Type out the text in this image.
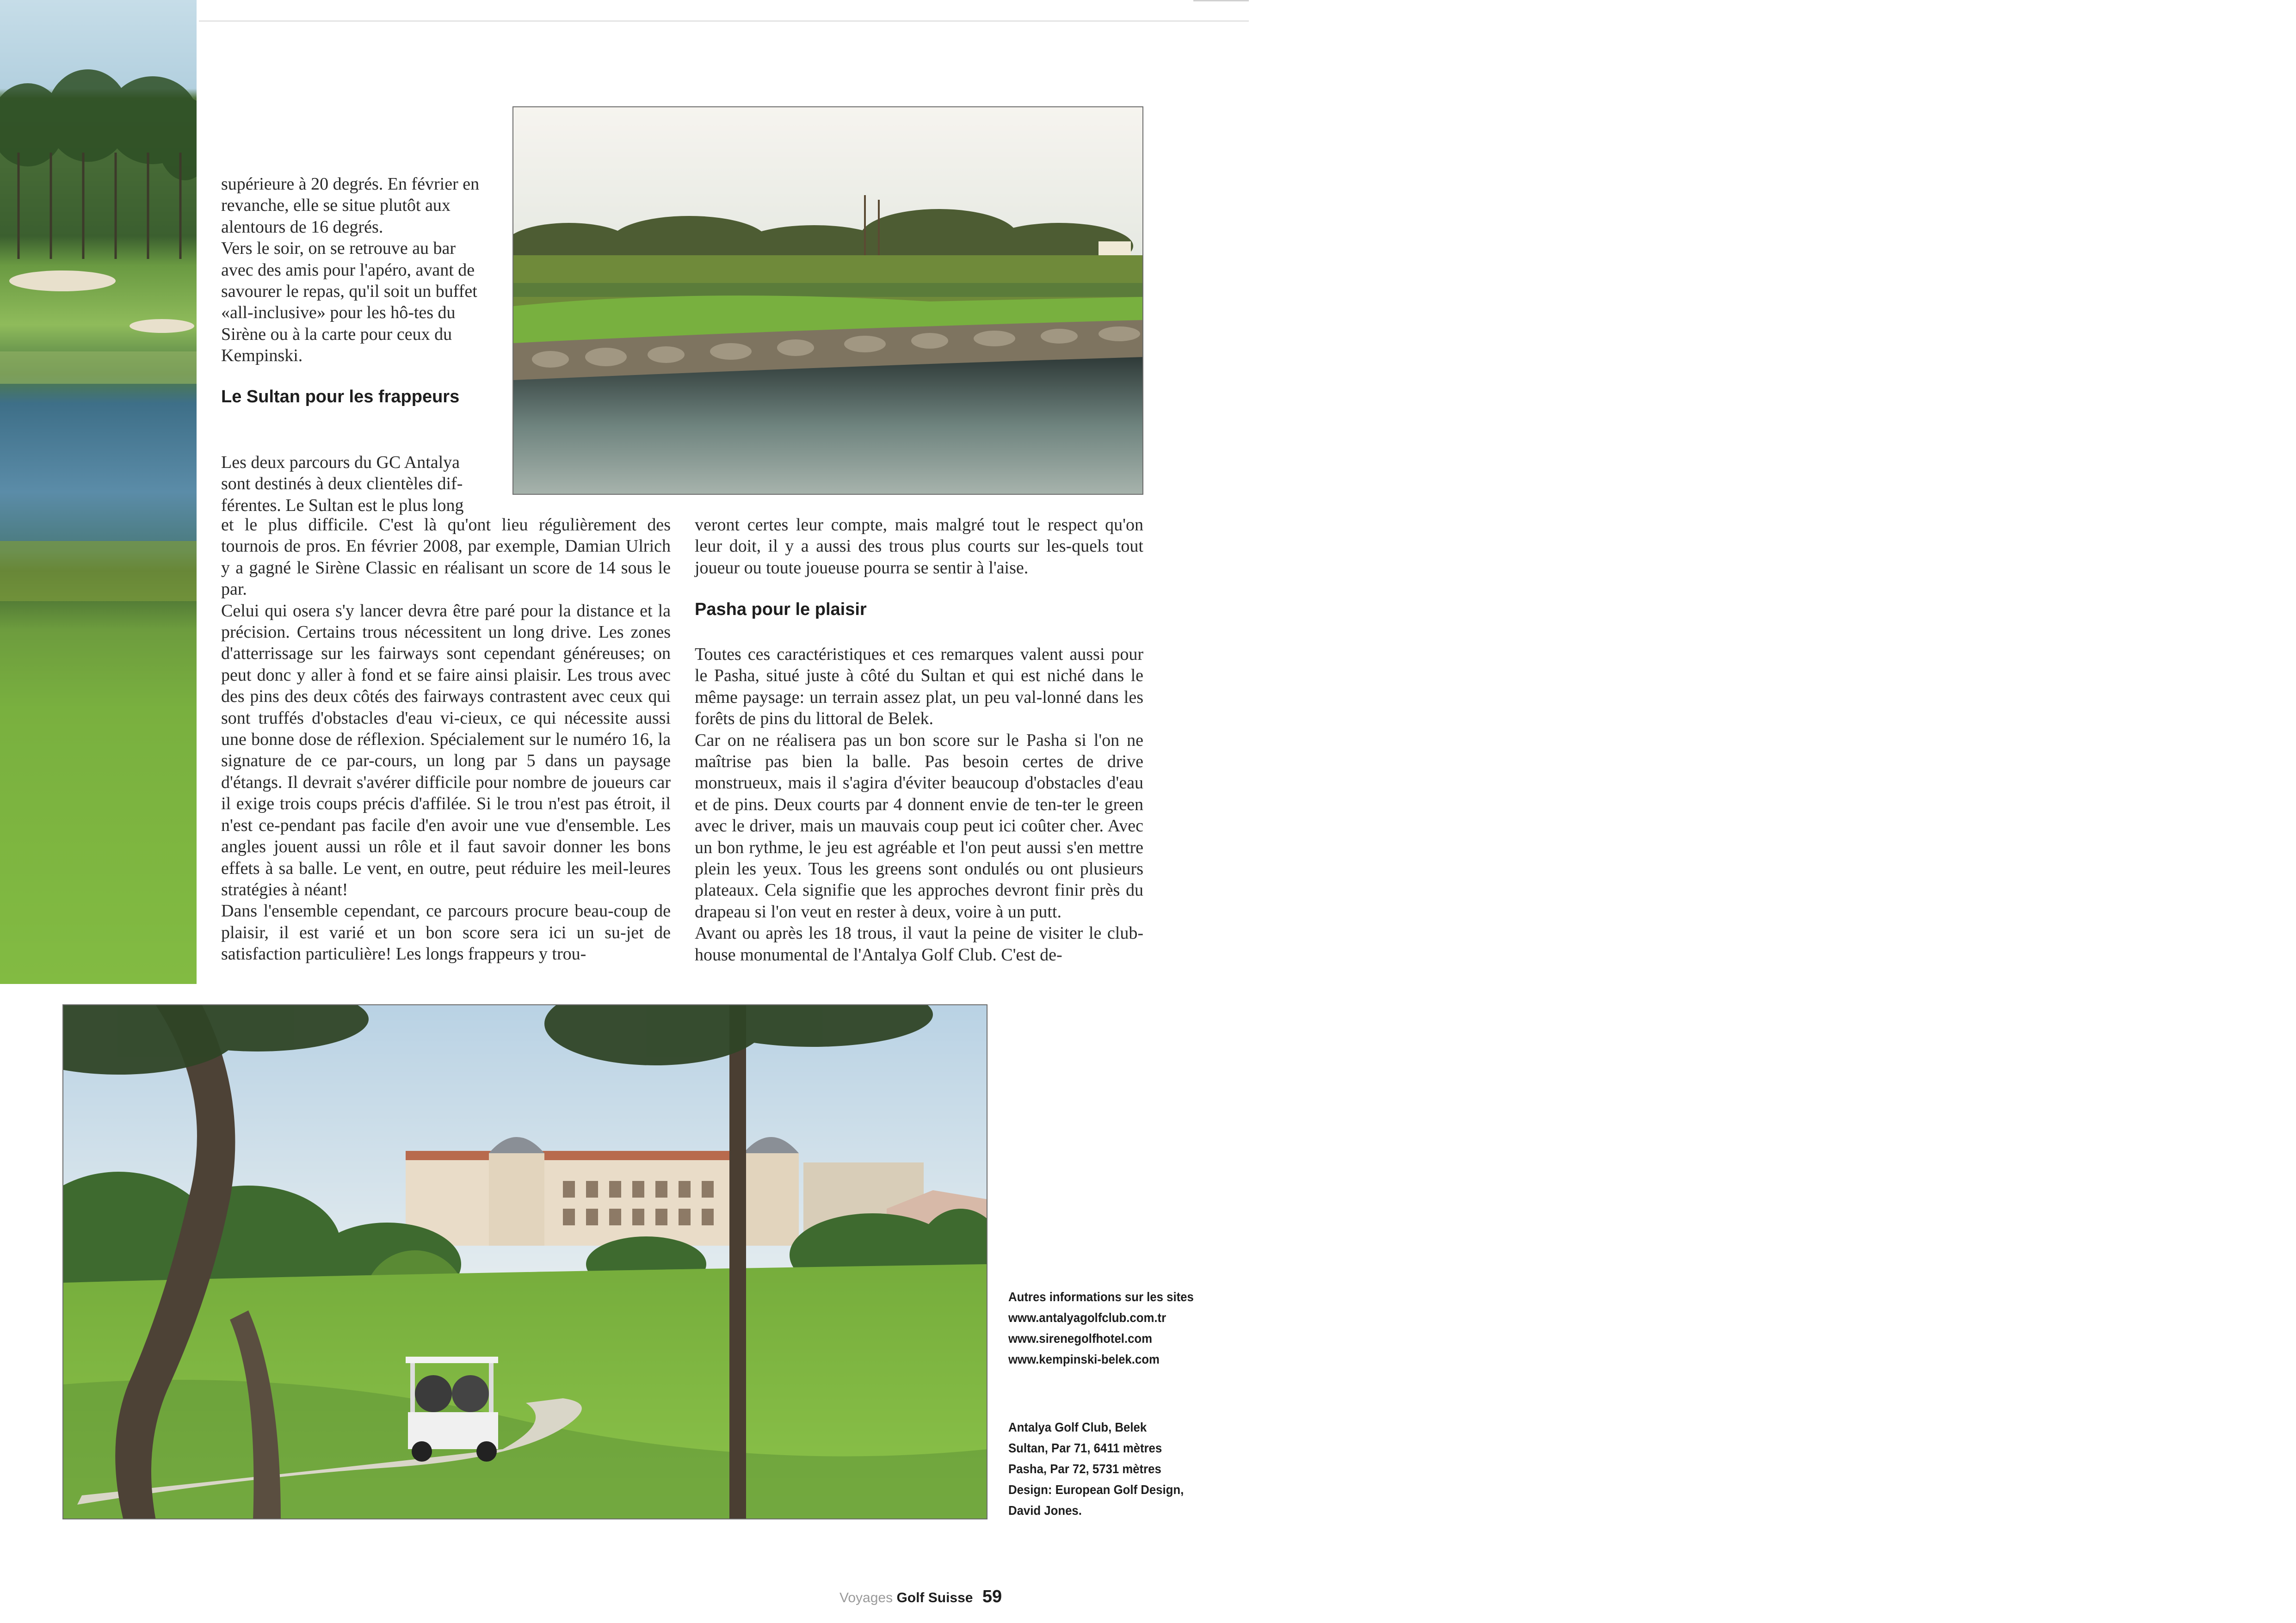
supérieure à 20 degrés. En février en revanche, elle se situe plutôt aux alentours de 16 degrés.

Vers le soir, on se retrouve au bar avec des amis pour l'apéro, avant de savourer le repas, qu'il soit un buffet «all-inclusive» pour les hô-tes du Sirène ou à la carte pour ceux du Kempinski.

Le Sultan pour les frappeurs

Les deux parcours du GC Antalya sont destinés à deux clientèles dif-férentes. Le Sultan est le plus long

et le plus difficile. C'est là qu'ont lieu régulièrement des tournois de pros. En février 2008, par exemple, Damian Ulrich y a gagné le Sirène Classic en réalisant un score de 14 sous le par.

Celui qui osera s'y lancer devra être paré pour la distance et la précision. Certains trous nécessitent un long drive. Les zones d'atterrissage sur les fairways sont cependant généreuses; on peut donc y aller à fond et se faire ainsi plaisir. Les trous avec des pins des deux côtés des fairways contrastent avec ceux qui sont truffés d'obstacles d'eau vi-cieux, ce qui nécessite aussi une bonne dose de réflexion. Spécialement sur le numéro 16, la signature de ce par-cours, un long par 5 dans un paysage d'étangs. Il devrait s'avérer difficile pour nombre de joueurs car il exige trois coups précis d'affilée. Si le trou n'est pas étroit, il n'est ce-pendant pas facile d'en avoir une vue d'ensemble. Les angles jouent aussi un rôle et il faut savoir donner les bons effets à sa balle. Le vent, en outre, peut réduire les meil-leures stratégies à néant!

Dans l'ensemble cependant, ce parcours procure beau-coup de plaisir, il est varié et un bon score sera ici un su-jet de satisfaction particulière! Les longs frappeurs y trou-

veront certes leur compte, mais malgré tout le respect qu'on leur doit, il y a aussi des trous plus courts sur les-quels tout joueur ou toute joueuse pourra se sentir à l'aise.

Pasha pour le plaisir

Toutes ces caractéristiques et ces remarques valent aussi pour le Pasha, situé juste à côté du Sultan et qui est niché dans le même paysage: un terrain assez plat, un peu val-lonné dans les forêts de pins du littoral de Belek.

Car on ne réalisera pas un bon score sur le Pasha si l'on ne maîtrise pas bien la balle. Pas besoin certes de drive monstrueux, mais il s'agira d'éviter beaucoup d'obstacles d'eau et de pins. Deux courts par 4 donnent envie de ten-ter le green avec le driver, mais un mauvais coup peut ici coûter cher. Avec un bon rythme, le jeu est agréable et l'on peut aussi s'en mettre plein les yeux. Tous les greens sont ondulés ou ont plusieurs plateaux. Cela signifie que les approches devront finir près du drapeau si l'on veut en rester à deux, voire à un putt.

Avant ou après les 18 trous, il vaut la peine de visiter le club-house monumental de l'Antalya Golf Club. C'est de-

Autres informations sur les sites
www.antalyagolfclub.com.tr
www.sirenegolfhotel.com
www.kempinski-belek.com
Antalya Golf Club, Belek
Sultan, Par 71, 6411 mètres
Pasha, Par 72, 5731 mètres
Design: European Golf Design,
David Jones.
Voyages Golf Suisse 59
